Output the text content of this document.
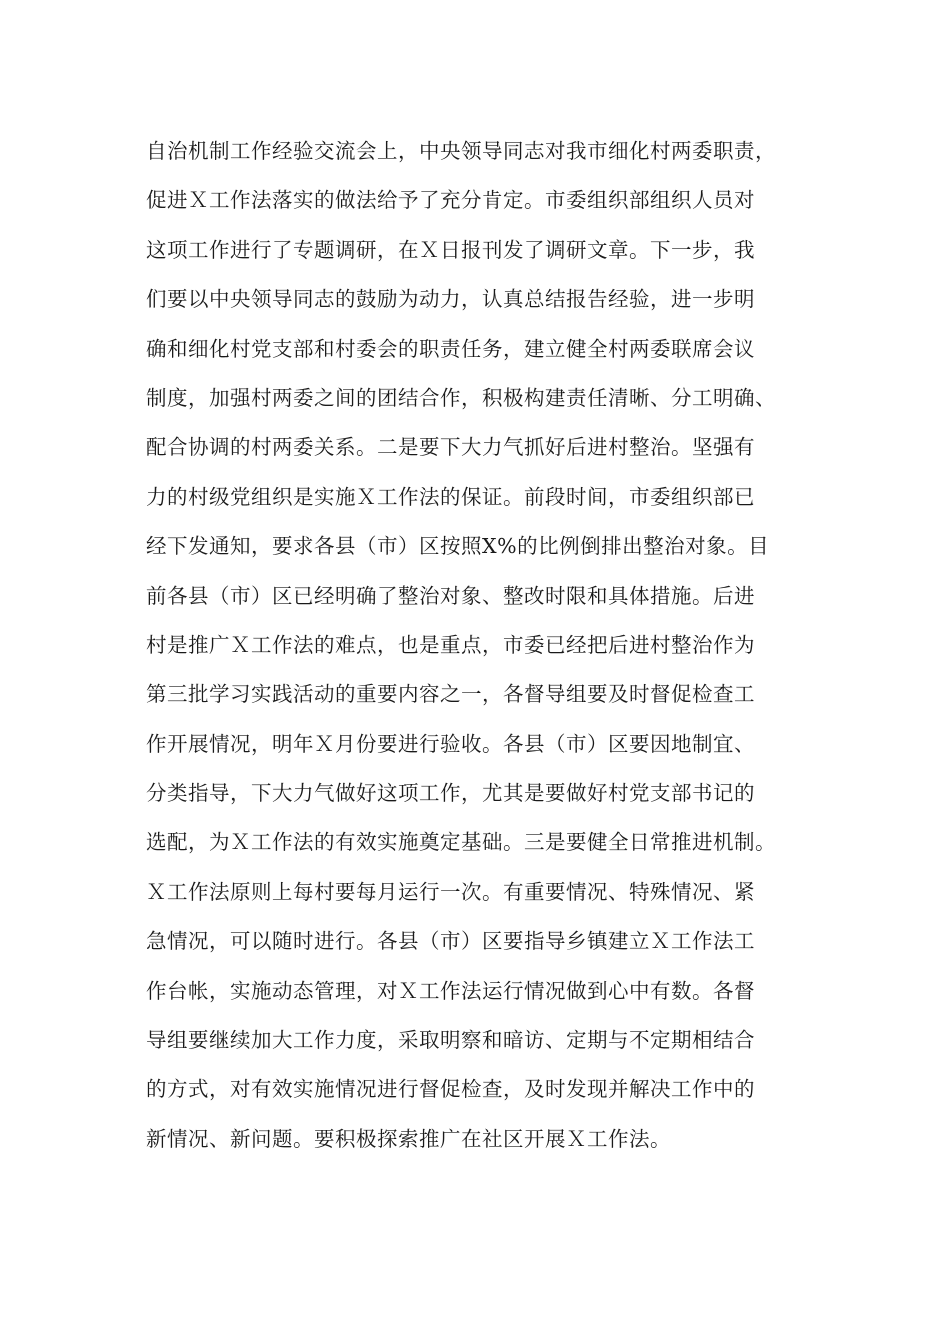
自治机制工作经验交流会上，中央领导同志对我市细化村两委职责，
促进Ｘ工作法落实的做法给予了充分肯定。市委组织部组织人员对
这项工作进行了专题调研，在Ｘ日报刊发了调研文章。下一步，我
们要以中央领导同志的鼓励为动力，认真总结报告经验，进一步明
确和细化村党支部和村委会的职责任务，建立健全村两委联席会议
制度，加强村两委之间的团结合作，积极构建责任清晰、分工明确、
配合协调的村两委关系。二是要下大力气抓好后进村整治。坚强有
力的村级党组织是实施Ｘ工作法的保证。前段时间，市委组织部已
经下发通知，要求各县（市）区按照X%的比例倒排出整治对象。目
前各县（市）区已经明确了整治对象、整改时限和具体措施。后进
村是推广Ｘ工作法的难点，也是重点，市委已经把后进村整治作为
第三批学习实践活动的重要内容之一，各督导组要及时督促检查工
作开展情况，明年Ｘ月份要进行验收。各县（市）区要因地制宜、
分类指导，下大力气做好这项工作，尤其是要做好村党支部书记的
选配，为Ｘ工作法的有效实施奠定基础。三是要健全日常推进机制。
Ｘ工作法原则上每村要每月运行一次。有重要情况、特殊情况、紧
急情况，可以随时进行。各县（市）区要指导乡镇建立Ｘ工作法工
作台帐，实施动态管理，对Ｘ工作法运行情况做到心中有数。各督
导组要继续加大工作力度，采取明察和暗访、定期与不定期相结合
的方式，对有效实施情况进行督促检查，及时发现并解决工作中的
新情况、新问题。要积极探索推广在社区开展Ｘ工作法。
